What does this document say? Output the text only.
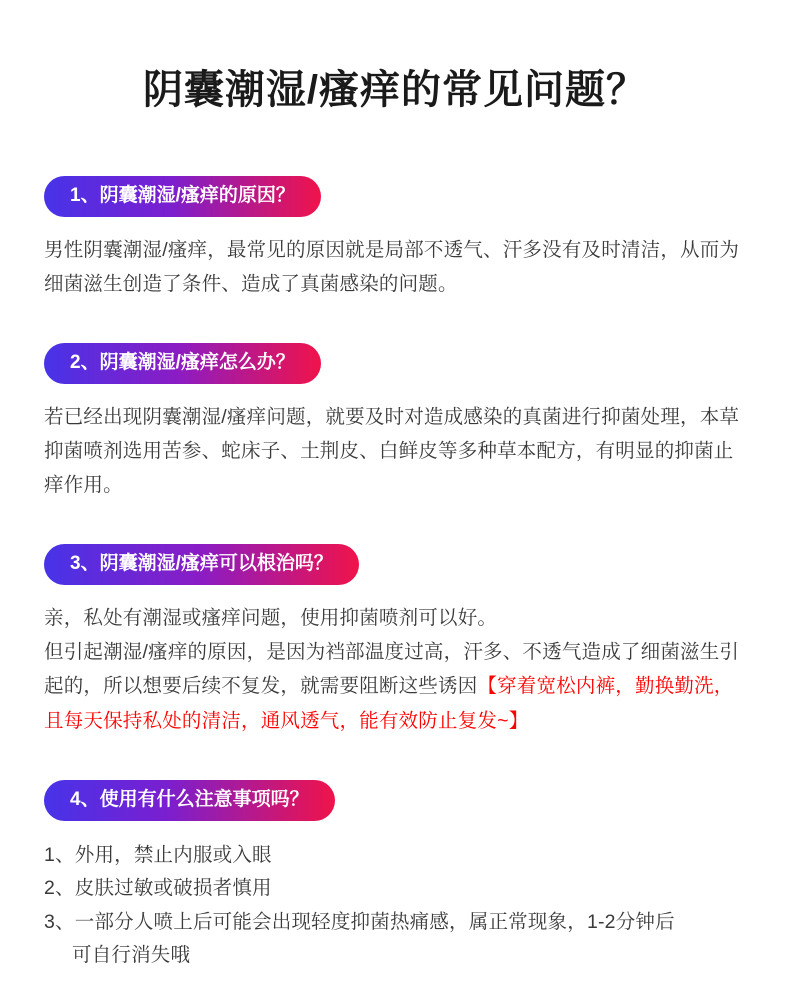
阴囊潮湿/瘙痒的常见问题？
1、阴囊潮湿/瘙痒的原因？
男性阴囊潮湿/瘙痒，最常见的原因就是局部不透气、汗多没有及时清洁，从而为细菌滋生创造了条件、造成了真菌感染的问题。
2、阴囊潮湿/瘙痒怎么办？
若已经出现阴囊潮湿/瘙痒问题，就要及时对造成感染的真菌进行抑菌处理，本草抑菌喷剂选用苦参、蛇床子、土荆皮、白鲜皮等多种草本配方，有明显的抑菌止痒作用。
3、阴囊潮湿/瘙痒可以根治吗？
亲，私处有潮湿或瘙痒问题，使用抑菌喷剂可以好。
但引起潮湿/瘙痒的原因，是因为裆部温度过高，汗多、不透气造成了细菌滋生引起的，所以想要后续不复发，就需要阻断这些诱因【穿着宽松内裤，勤换勤洗，且每天保持私处的清洁，通风透气，能有效防止复发~】
4、使用有什么注意事项吗？
1、外用，禁止内服或入眼
2、皮肤过敏或破损者慎用
3、一部分人喷上后可能会出现轻度抑菌热痛感，属正常现象，1-2分钟后
可自行消失哦
